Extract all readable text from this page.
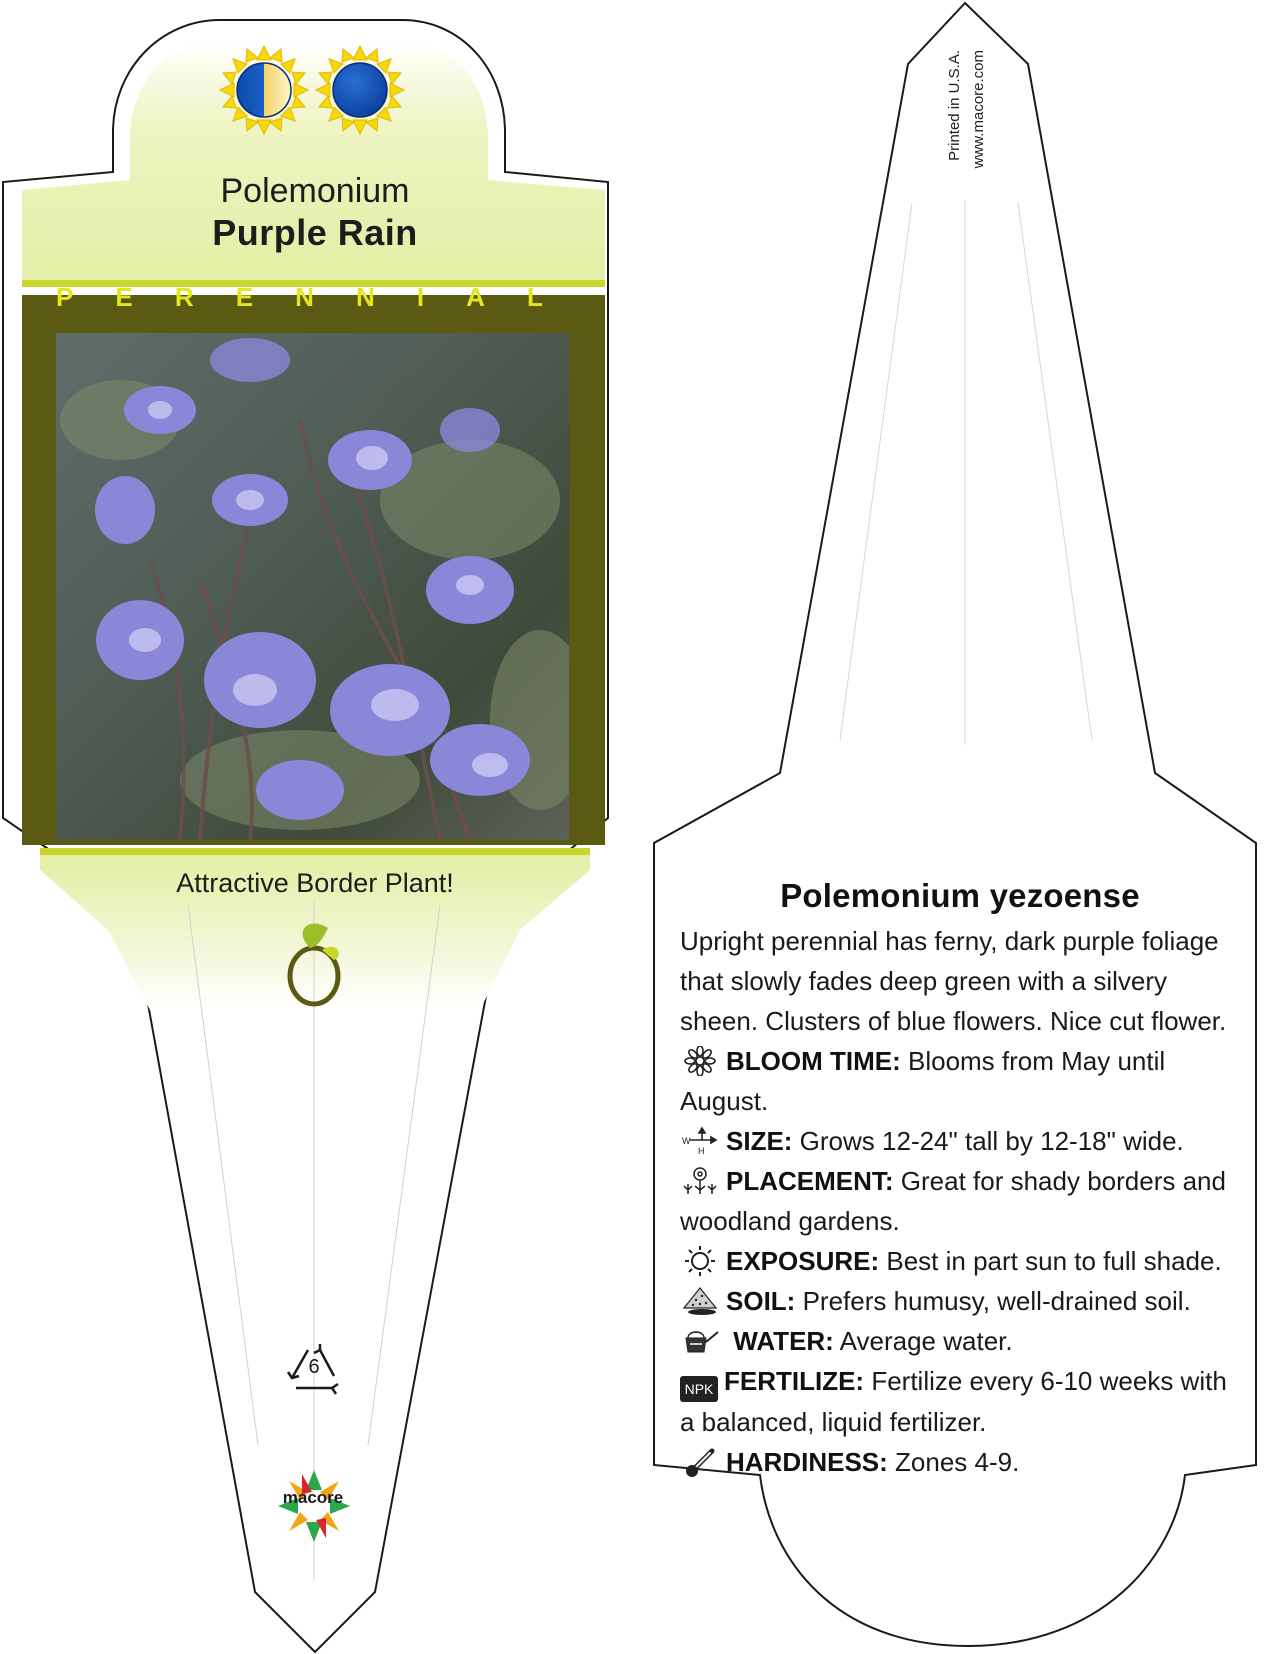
Polemonium
Purple Rain
P E R E N N I A L
Attractive Border Plant!
6
macore
Printed in U.S.A. www.macore.com
Polemonium yezoense

Upright perennial has ferny, dark purple foliage that slowly fades deep green with a silvery sheen. Clusters of blue flowers. Nice cut flower.

BLOOM TIME: Blooms from May until August.
W
H SIZE: Grows 12-24" tall by 12-18" wide.
PLACEMENT: Great for shady borders and woodland gardens.
EXPOSURE: Best in part sun to full shade.
SOIL: Prefers humusy, well-drained soil.
WATER: Average water.
NPK FERTILIZE: Fertilize every 6-10 weeks with a balanced, liquid fertilizer.
HARDINESS: Zones 4-9.
